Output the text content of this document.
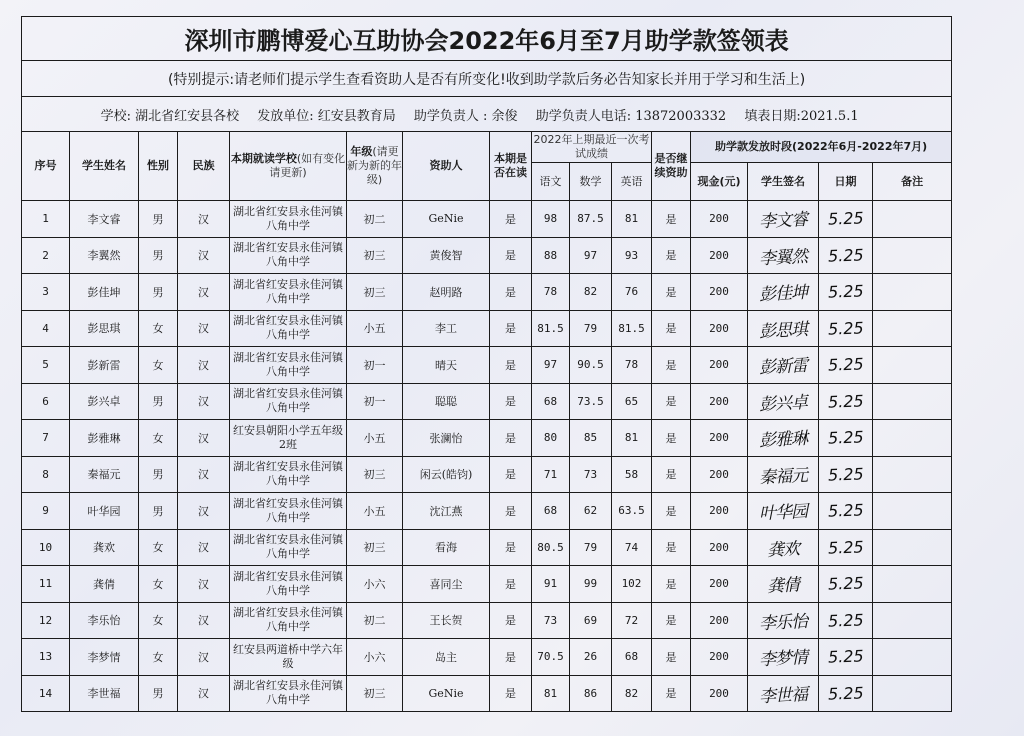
深圳市鹏博爱心互助协会2022年6月至7月助学款签领表															
(特别提示:请老师们提示学生查看资助人是否有所变化!收到助学款后务必告知家长并用于学习和生活上)															
学校: 湖北省红安县各校 发放单位: 红安县教育局 助学负责人 : 余俊 助学负责人电话: 13872003332 填表日期:2021.5.1															
序号	学生姓名	性别	民族	本期就读学校(如有变化请更新)	年级(请更新为新的年级)	资助人	本期是否在读	2022年上期最近一次考试成绩			是否继续资助	助学款发放时段(2022年6月-2022年7月)			
								语文	数学	英语		现金(元)	学生签名	日期	备注
1	李文睿	男	汉	湖北省红安县永佳河镇八角中学	初二	GeNie	是	98	87.5	81	是	200	李文睿	5.25	
2	李翼然	男	汉	湖北省红安县永佳河镇八角中学	初三	黄俊智	是	88	97	93	是	200	李翼然	5.25	
3	彭佳坤	男	汉	湖北省红安县永佳河镇八角中学	初三	赵明路	是	78	82	76	是	200	彭佳坤	5.25	
4	彭思琪	女	汉	湖北省红安县永佳河镇八角中学	小五	李工	是	81.5	79	81.5	是	200	彭思琪	5.25	
5	彭新雷	女	汉	湖北省红安县永佳河镇八角中学	初一	晴天	是	97	90.5	78	是	200	彭新雷	5.25	
6	彭兴卓	男	汉	湖北省红安县永佳河镇八角中学	初一	聪聪	是	68	73.5	65	是	200	彭兴卓	5.25	
7	彭雅琳	女	汉	红安县朝阳小学五年级2班	小五	张澜怡	是	80	85	81	是	200	彭雅琳	5.25	
8	秦福元	男	汉	湖北省红安县永佳河镇八角中学	初三	闲云(皓钧)	是	71	73	58	是	200	秦福元	5.25	
9	叶华园	男	汉	湖北省红安县永佳河镇八角中学	小五	沈江燕	是	68	62	63.5	是	200	叶华园	5.25	
10	龚欢	女	汉	湖北省红安县永佳河镇八角中学	初三	看海	是	80.5	79	74	是	200	龚欢	5.25	
11	龚倩	女	汉	湖北省红安县永佳河镇八角中学	小六	喜同尘	是	91	99	102	是	200	龚倩	5.25	
12	李乐怡	女	汉	湖北省红安县永佳河镇八角中学	初二	王长贺	是	73	69	72	是	200	李乐怡	5.25	
13	李梦情	女	汉	红安县两道桥中学六年级	小六	岛主	是	70.5	26	68	是	200	李梦情	5.25	
14	李世福	男	汉	湖北省红安县永佳河镇八角中学	初三	GeNie	是	81	86	82	是	200	李世福	5.25	
